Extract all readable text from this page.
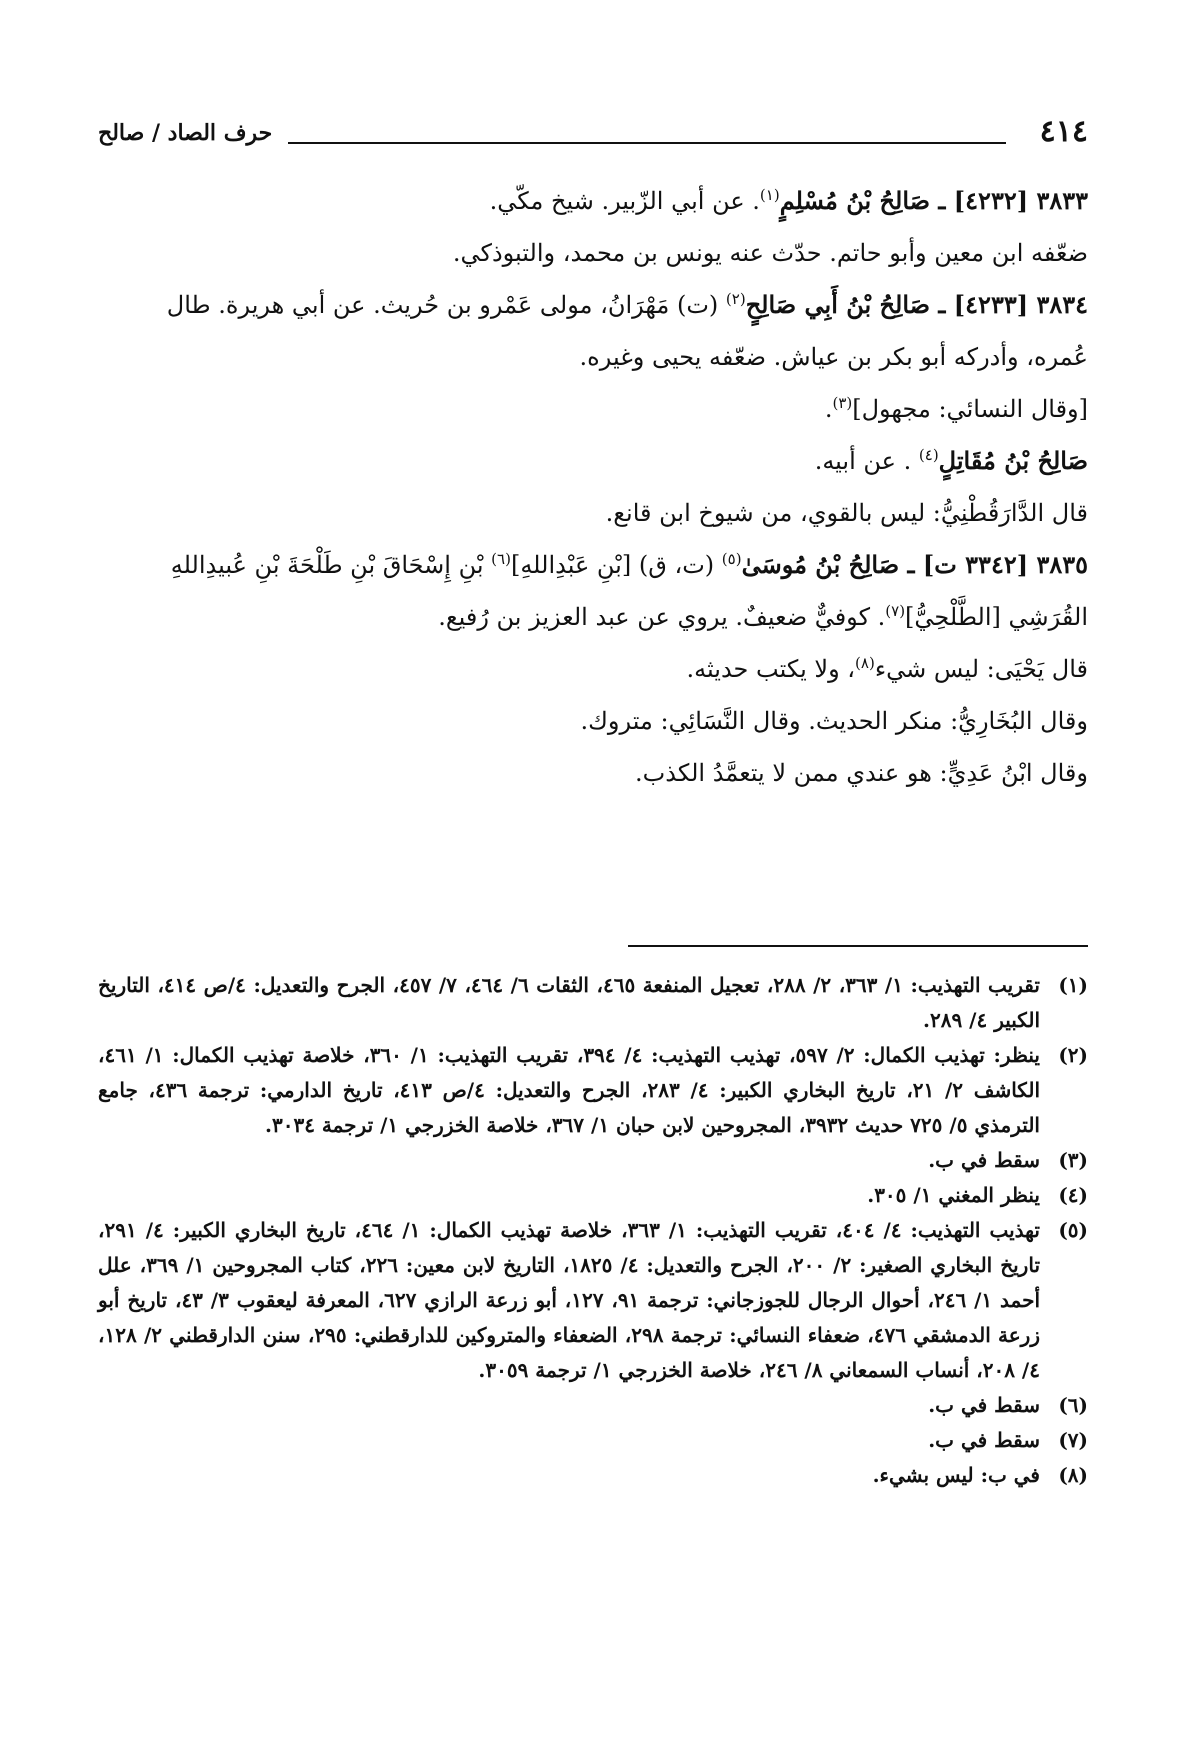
٤١٤
حرف الصاد / صالح

٣٨٣٣ [٤٢٣٢] ـ صَالِحُ بْنُ مُسْلِمٍ$^{(١)}$. عن أبي الزّبير. شيخ مكّي.

ضعّفه ابن معين وأبو حاتم. حدّث عنه يونس بن محمد، والتبوذكي.

٣٨٣٤ [٤٢٣٣] ـ صَالِحُ بْنُ أَبِي صَالِحٍ$^{(٢)}$ (ت) مَهْرَانُ، مولى عَمْرو بن حُريث. عن أبي هريرة. طال عُمره، وأدركه أبو بكر بن عياش. ضعّفه يحيى وغيره.

[وقال النسائي: مجهول]$^{(٣)}$.

صَالِحُ بْنُ مُقَاتِلٍ$^{(٤)}$ . عن أبيه.

قال الدَّارَقُطْنِيُّ: ليس بالقوي، من شيوخ ابن قانع.

٣٨٣٥ [٣٣٤٢ ت] ـ صَالِحُ بْنُ مُوسَىٰ$^{(٥)}$ (ت، ق) [بْنِ عَبْدِاللهِ]$^{(٦)}$ بْنِ إِسْحَاقَ بْنِ طَلْحَةَ بْنِ عُبيدِاللهِ القُرَشِي [الطَّلْحِيُّ]$^{(٧)}$. كوفيٌّ ضعيفٌ. يروي عن عبد العزيز بن رُفيع.

قال يَحْيَى: ليس شيء$^{(٨)}$، ولا يكتب حديثه.

وقال البُخَارِيُّ: منكر الحديث. وقال النَّسَائِي: متروك.

وقال ابْنُ عَدِيٍّ: هو عندي ممن لا يتعمَّدُ الكذب.

(١)
تقريب التهذيب: ١/ ٣٦٣، ٢/ ٢٨٨، تعجيل المنفعة ٤٦٥، الثقات ٦/ ٤٦٤، ٧/ ٤٥٧، الجرح والتعديل: ٤/ص ٤١٤، التاريخ الكبير ٤/ ٢٨٩.
(٢)
ينظر: تهذيب الكمال: ٢/ ٥٩٧، تهذيب التهذيب: ٤/ ٣٩٤، تقريب التهذيب: ١/ ٣٦٠، خلاصة تهذيب الكمال: ١/ ٤٦١، الكاشف ٢/ ٢١، تاريخ البخاري الكبير: ٤/ ٢٨٣، الجرح والتعديل: ٤/ص ٤١٣، تاريخ الدارمي: ترجمة ٤٣٦، جامع الترمذي ٥/ ٧٢٥ حديث ٣٩٣٢، المجروحين لابن حبان ١/ ٣٦٧، خلاصة الخزرجي ١/ ترجمة ٣٠٣٤.
(٣)
سقط في ب.
(٤)
ينظر المغني ١/ ٣٠٥.
(٥)
تهذيب التهذيب: ٤/ ٤٠٤، تقريب التهذيب: ١/ ٣٦٣، خلاصة تهذيب الكمال: ١/ ٤٦٤، تاريخ البخاري الكبير: ٤/ ٢٩١، تاريخ البخاري الصغير: ٢/ ٢٠٠، الجرح والتعديل: ٤/ ١٨٢٥، التاريخ لابن معين: ٢٢٦، كتاب المجروحين ١/ ٣٦٩، علل أحمد ١/ ٢٤٦، أحوال الرجال للجوزجاني: ترجمة ٩١، ١٢٧، أبو زرعة الرازي ٦٢٧، المعرفة ليعقوب ٣/ ٤٣، تاريخ أبو زرعة الدمشقي ٤٧٦، ضعفاء النسائي: ترجمة ٢٩٨، الضعفاء والمتروكين للدارقطني: ٢٩٥، سنن الدارقطني ٢/ ١٢٨، ٤/ ٢٠٨، أنساب السمعاني ٨/ ٢٤٦، خلاصة الخزرجي ١/ ترجمة ٣٠٥٩.
(٦)
سقط في ب.
(٧)
سقط في ب.
(٨)
في ب: ليس بشيء.
